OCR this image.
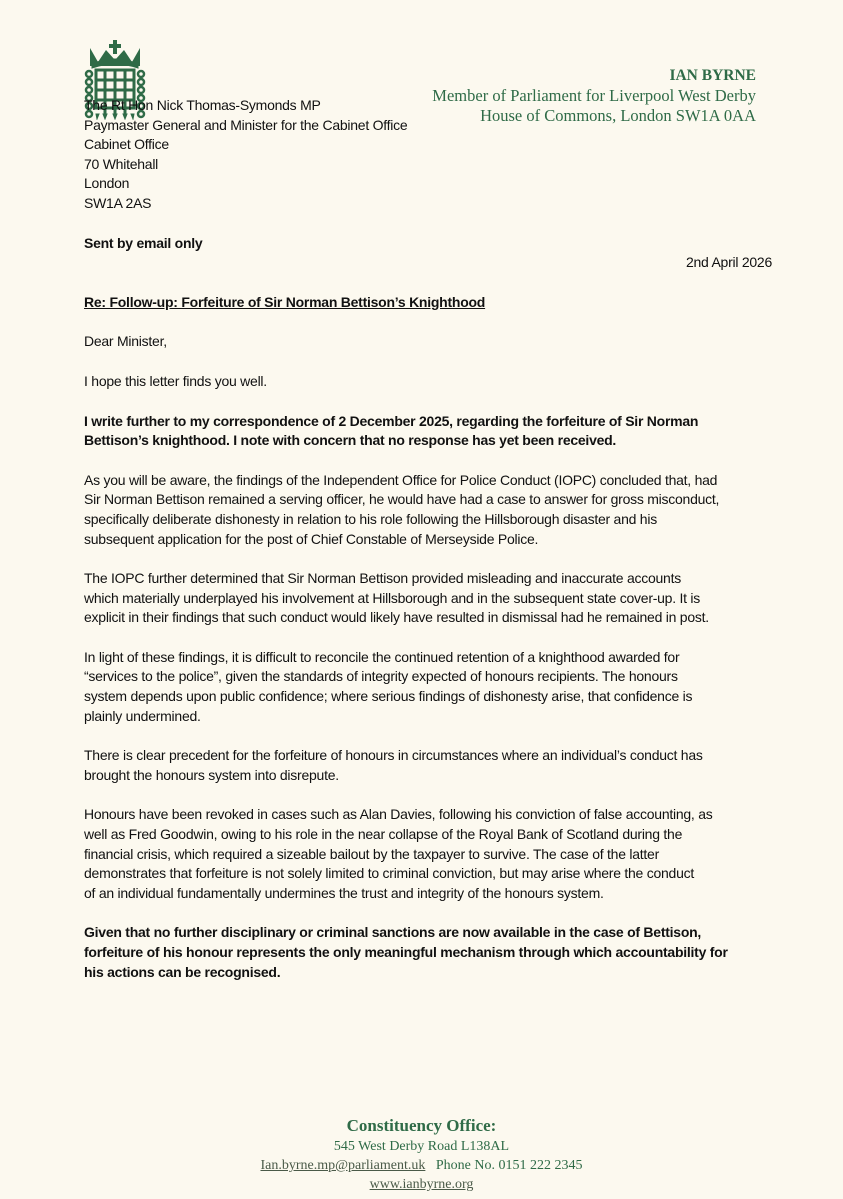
IAN BYRNE
Member of Parliament for Liverpool West Derby
House of Commons, London SW1A 0AA
The Rt Hon Nick Thomas-Symonds MP
Paymaster General and Minister for the Cabinet Office
Cabinet Office
70 Whitehall
London
SW1A 2AS
Sent by email only
2nd April 2026
Re: Follow-up: Forfeiture of Sir Norman Bettison’s Knighthood
Dear Minister,
I hope this letter finds you well.
I write further to my correspondence of 2 December 2025, regarding the forfeiture of Sir Norman
Bettison’s knighthood. I note with concern that no response has yet been received.
As you will be aware, the findings of the Independent Office for Police Conduct (IOPC) concluded that, had
Sir Norman Bettison remained a serving officer, he would have had a case to answer for gross misconduct,
specifically deliberate dishonesty in relation to his role following the Hillsborough disaster and his
subsequent application for the post of Chief Constable of Merseyside Police.
The IOPC further determined that Sir Norman Bettison provided misleading and inaccurate accounts
which materially underplayed his involvement at Hillsborough and in the subsequent state cover-up. It is
explicit in their findings that such conduct would likely have resulted in dismissal had he remained in post.
In light of these findings, it is difficult to reconcile the continued retention of a knighthood awarded for
“services to the police”, given the standards of integrity expected of honours recipients. The honours
system depends upon public confidence; where serious findings of dishonesty arise, that confidence is
plainly undermined.
There is clear precedent for the forfeiture of honours in circumstances where an individual’s conduct has
brought the honours system into disrepute.
Honours have been revoked in cases such as Alan Davies, following his conviction of false accounting, as
well as Fred Goodwin, owing to his role in the near collapse of the Royal Bank of Scotland during the
financial crisis, which required a sizeable bailout by the taxpayer to survive. The case of the latter
demonstrates that forfeiture is not solely limited to criminal conviction, but may arise where the conduct
of an individual fundamentally undermines the trust and integrity of the honours system.
Given that no further disciplinary or criminal sanctions are now available in the case of Bettison,
forfeiture of his honour represents the only meaningful mechanism through which accountability for
his actions can be recognised.
Constituency Office:
545 West Derby Road L138AL
Ian.byrne.mp@parliament.uk Phone No. 0151 222 2345
www.ianbyrne.org
